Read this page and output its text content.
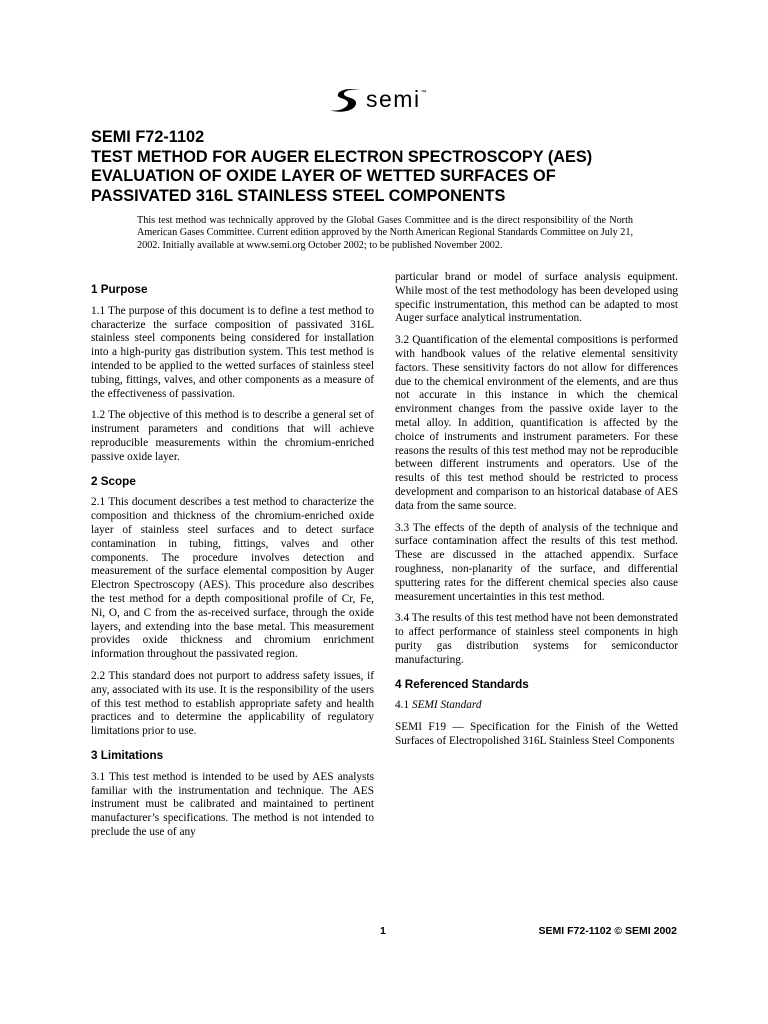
semi ™
SEMI F72-1102
TEST METHOD FOR AUGER ELECTRON SPECTROSCOPY (AES)
EVALUATION OF OXIDE LAYER OF WETTED SURFACES OF
PASSIVATED 316L STAINLESS STEEL COMPONENTS
This test method was technically approved by the Global Gases Committee and is the direct responsibility of the North American Gases Committee. Current edition approved by the North American Regional Standards Committee on July 21, 2002. Initially available at www.semi.org October 2002; to be published November 2002.
1 Purpose

1.1 The purpose of this document is to define a test method to characterize the surface composition of passivated 316L stainless steel components being considered for installation into a high-purity gas distribution system. This test method is intended to be applied to the wetted surfaces of stainless steel tubing, fittings, valves, and other components as a measure of the effectiveness of passivation.

1.2 The objective of this method is to describe a general set of instrument parameters and conditions that will achieve reproducible measurements within the chromium-enriched passive oxide layer.

2 Scope

2.1 This document describes a test method to characterize the composition and thickness of the chromium-enriched oxide layer of stainless steel surfaces and to detect surface contamination in tubing, fittings, valves and other components. The procedure involves detection and measurement of the surface elemental composition by Auger Electron Spectroscopy (AES). This procedure also describes the test method for a depth compositional profile of Cr, Fe, Ni, O, and C from the as-received surface, through the oxide layers, and extending into the base metal. This measurement provides oxide thickness and chromium enrichment information throughout the passivated region.

2.2 This standard does not purport to address safety issues, if any, associated with its use. It is the responsibility of the users of this test method to establish appropriate safety and health practices and to determine the applicability of regulatory limitations prior to use.

3 Limitations

3.1 This test method is intended to be used by AES analysts familiar with the instrumentation and technique. The AES instrument must be calibrated and maintained to pertinent manufacturer’s specifications. The method is not intended to preclude the use of any

particular brand or model of surface analysis equipment. While most of the test methodology has been developed using specific instrumentation, this method can be adapted to most Auger surface analytical instrumentation.

3.2 Quantification of the elemental compositions is performed with handbook values of the relative elemental sensitivity factors. These sensitivity factors do not allow for differences due to the chemical environment of the elements, and are thus not accurate in this instance in which the chemical environment changes from the passive oxide layer to the metal alloy. In addition, quantification is affected by the choice of instruments and instrument parameters. For these reasons the results of this test method may not be reproducible between different instruments and operators. Use of the results of this test method should be restricted to process development and comparison to an historical database of AES data from the same source.

3.3 The effects of the depth of analysis of the technique and surface contamination affect the results of this test method. These are discussed in the attached appendix. Surface roughness, non-planarity of the surface, and differential sputtering rates for the different chemical species also cause measurement uncertainties in this test method.

3.4 The results of this test method have not been demonstrated to affect performance of stainless steel components in high purity gas distribution systems for semiconductor manufacturing.

4 Referenced Standards
4.1 SEMI Standard

SEMI F19 — Specification for the Finish of the Wetted Surfaces of Electropolished 316L Stainless Steel Components

1	SEMI F72-1102 © SEMI 2002
